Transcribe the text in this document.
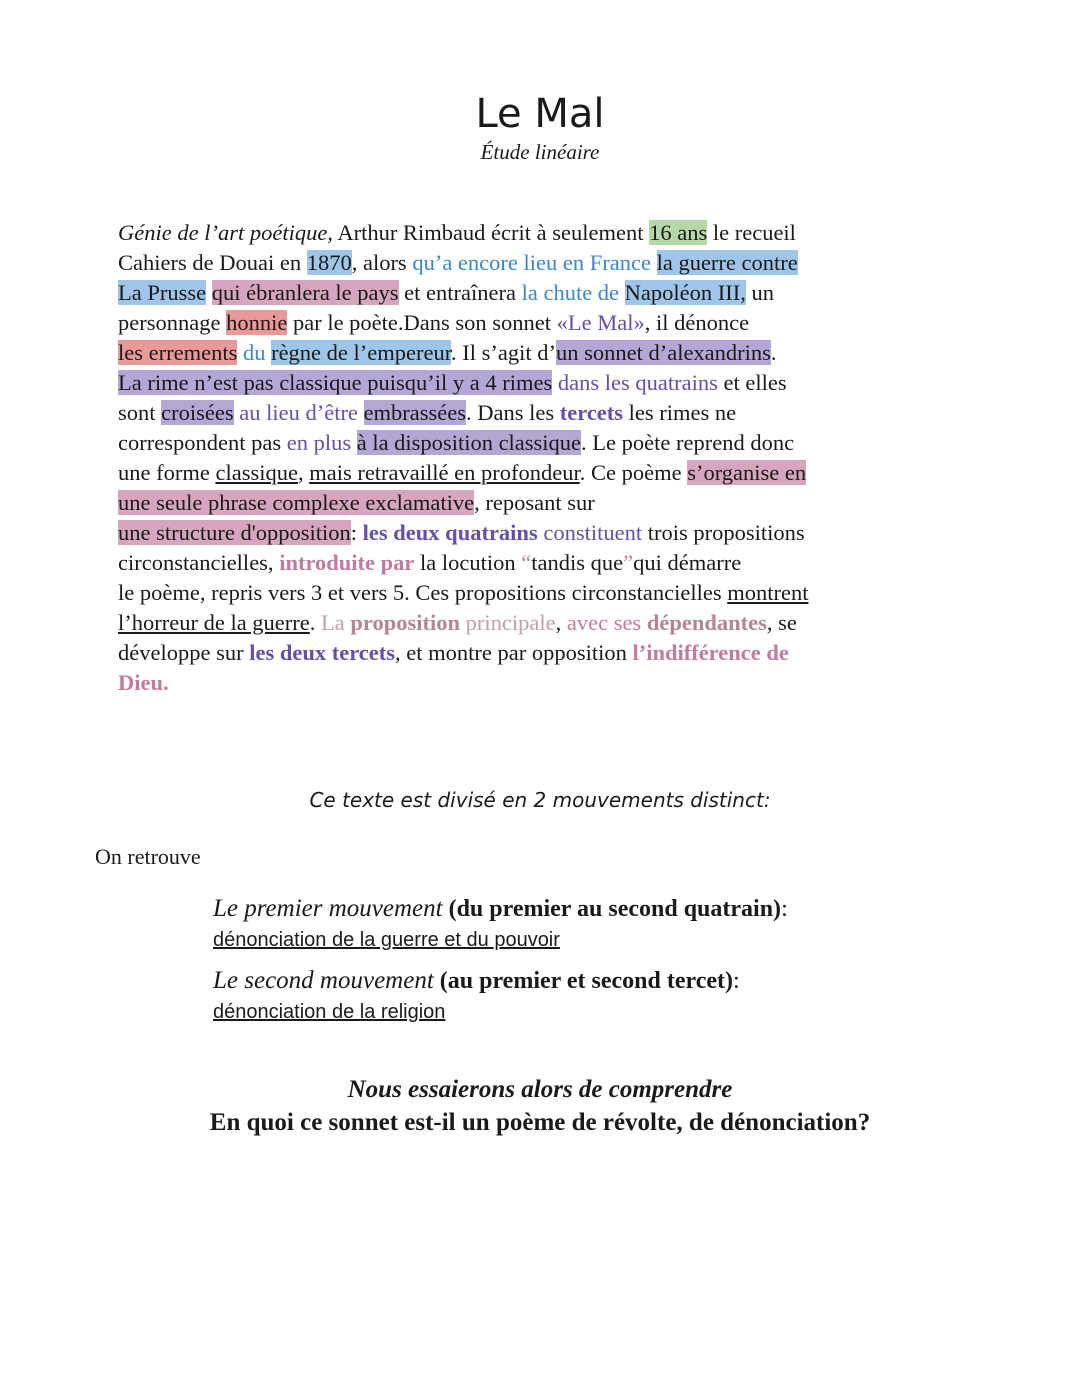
Le Mal
Étude linéaire
Génie de l’art poétique, Arthur Rimbaud écrit à seulement 16 ans le recueil
Cahiers de Douai en 1870, alors qu’a encore lieu en France la guerre contre
La Prusse qui ébranlera le pays et entraînera la chute de Napoléon III, un
personnage honnie par le poète.Dans son sonnet «Le Mal», il dénonce
les errements du règne de l’empereur. Il s’agit d’un sonnet d’alexandrins.
La rime n’est pas classique puisqu’il y a 4 rimes dans les quatrains et elles
sont croisées au lieu d’être embrassées. Dans les tercets les rimes ne
correspondent pas en plus à la disposition classique. Le poète reprend donc
une forme classique, mais retravaillé en profondeur. Ce poème s’organise en
une seule phrase complexe exclamative, reposant sur
une structure d'opposition: les deux quatrains constituent trois propositions
circonstancielles, introduite par la locution “tandis que”qui démarre
le poème, repris vers 3 et vers 5. Ces propositions circonstancielles montrent
l’horreur de la guerre. La proposition principale, avec ses dépendantes, se
développe sur les deux tercets, et montre par opposition l’indifférence de
Dieu.
Ce texte est divisé en 2 mouvements distinct:
On retrouve
Le premier mouvement (du premier au second quatrain):
dénonciation de la guerre et du pouvoir
Le second mouvement (au premier et second tercet):
dénonciation de la religion
Nous essaierons alors de comprendre
En quoi ce sonnet est-il un poème de révolte, de dénonciation?
